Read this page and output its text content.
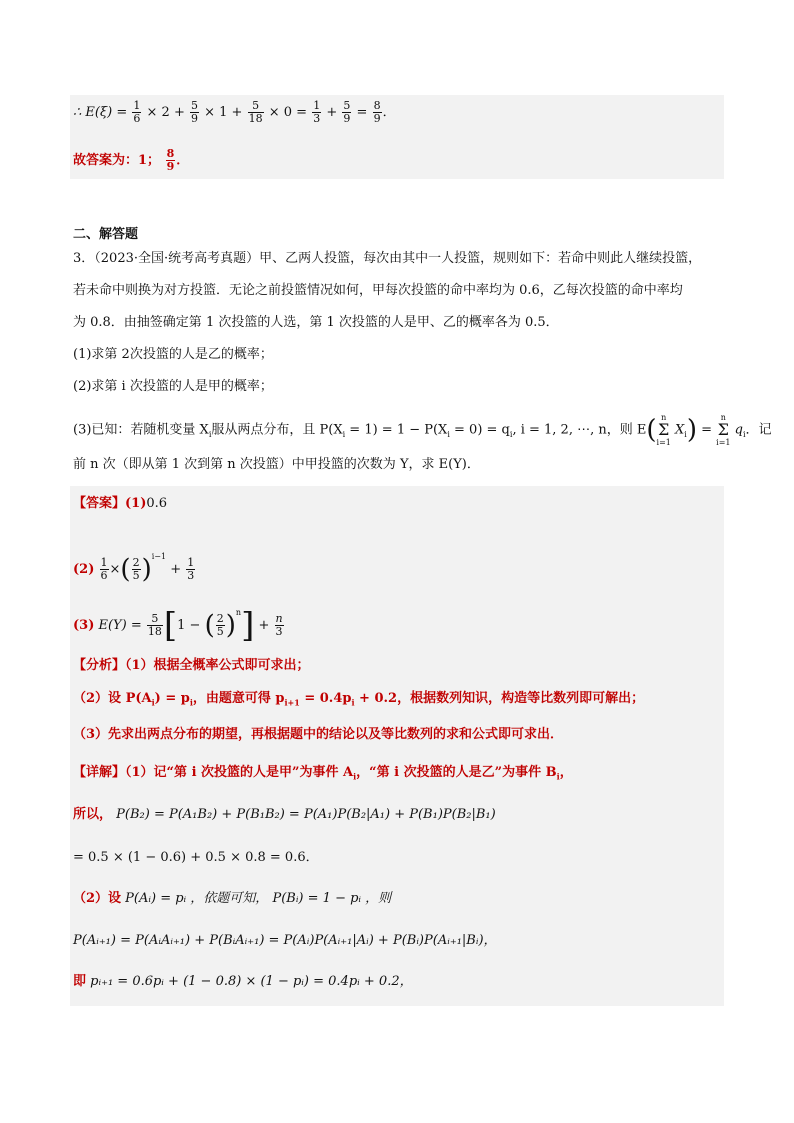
∴ $E(\xi) = \frac{1}{6} \times 2 + \frac{5}{9} \times 1 + \frac{5}{18} \times 0 = \frac{1}{3} + \frac{5}{9} = \frac{8}{9}$ ．
故答案为：1； $\frac{8}{9}$ ．
二、解答题
3．（2023·全国·统考高考真题）甲、乙两人投篮，每次由其中一人投篮，规则如下：若命中则此人继续投篮，
若未命中则换为对方投篮．无论之前投篮情况如何，甲每次投篮的命中率均为 0.6，乙每次投篮的命中率均
为 0.8．由抽签确定第 1 次投篮的人选，第 1 次投篮的人是甲、乙的概率各为 0.5．
(1)求第 2次投篮的人是乙的概率；
(2)求第 i 次投篮的人是甲的概率；
(3)已知：若随机变量 $X_i$服从两点分布，且 $P(X_i = 1) = 1 - P(X_i = 0) = q_i$, i = 1, 2, ⋯, n，则 E( n
Σ
i=1 $X_i) = n$
Σ
i=1 $q_i$．记
前 n 次（即从第 1 次到第 n 次投篮）中甲投篮的次数为 Y，求 E(Y)．
【答案】(1)0.6
$(2) \frac{1}{6}$ ×( $\frac{2}{5} )^{i-1} + \frac{1}{3}$
(3) $E(Y) = \frac{5}{18} [1$ − ( $\frac{2}{5} )^n] + \frac{n}{3}$
【分析】（1）根据全概率公式即可求出；
（2）设 $P(A_i) = p_i$，由题意可得 $p_{i+1} = 0.4p_i + 0.2$，根据数列知识，构造等比数列即可解出；
（3）先求出两点分布的期望，再根据题中的结论以及等比数列的求和公式即可求出．
【详解】（1）记“第 i 次投篮的人是甲”为事件 $A_i$，“第 i 次投篮的人是乙”为事件 $B_i$，
所以， P(B₂) = P(A₁B₂) + P(B₁B₂) = P(A₁)P(B₂|A₁) + P(B₁)P(B₂|B₁)
= 0.5 × (1 − 0.6) + 0.5 × 0.8 = 0.6．
（2）设 P(Aᵢ) = pᵢ ，依题可知， P(Bᵢ) = 1 − pᵢ ，则
P(Aᵢ₊₁) = P(AᵢAᵢ₊₁) + P(BᵢAᵢ₊₁) = P(Aᵢ)P(Aᵢ₊₁|Aᵢ) + P(Bᵢ)P(Aᵢ₊₁|Bᵢ)，
即 pᵢ₊₁ = 0.6pᵢ + (1 − 0.8) × (1 − pᵢ) = 0.4pᵢ + 0.2，
